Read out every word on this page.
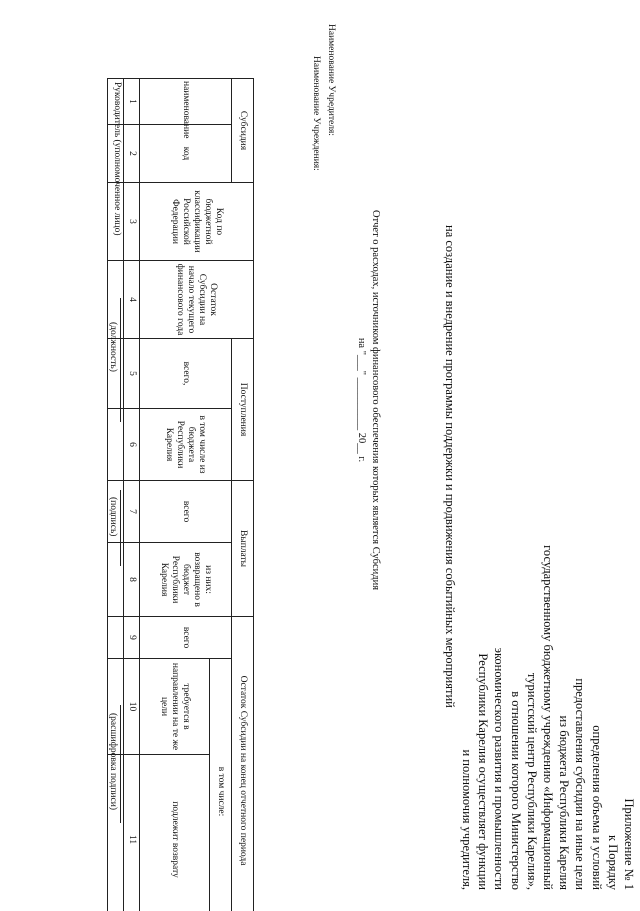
Приложение № 1
к Порядку
определения объема и условий
предоставления субсидии на иные цели
из бюджета Республики Карелия
государственному бюджетному учреждению «Информационный
туристский центр Республики Карелия»,
в отношении которого Министерство
экономического развития и промышленности
Республики Карелия осуществляет функции
и полномочия учредителя,
на создание и внедрение программы поддержки и продвижения событийных мероприятий
Отчет о расходах, источником финансового обеспечения которых является Субсидия
на "___" __________ 20__ г.
Наименование Учредителя:
Наименование Учреждения:
Субсидия		Код по бюджетной классификации Российской Федерации	Остаток Субсидии на начало текущего финансового года	Поступления		Выплаты		Остаток Субсидии на конец отчетного периода		
наименование	код			всего,	в том числе из бюджета Республики Карелия	всего	из них: возвращено в бюджет Республики Карелия	всего	в том числе:	
									требуется в направлении на те же цели	подлежит возврату
1	2	3	4	5	6	7	8	9	10	11

Руководитель (уполномоченное лицо)
(должность)
(подпись)
(расшифровка подписи)
